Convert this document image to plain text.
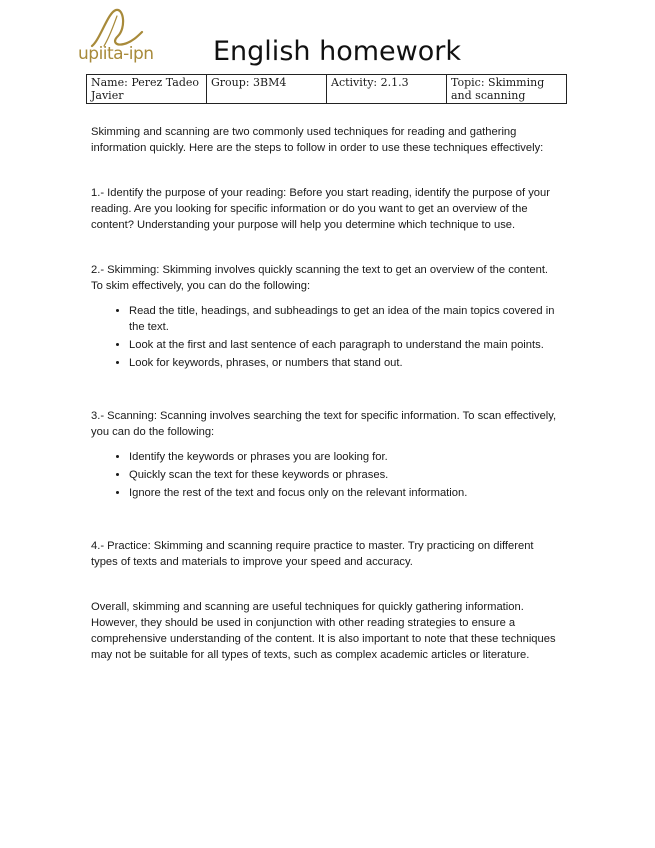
upiita-ipn English homework
Name: Perez Tadeo Javier	Group: 3BM4	Activity: 2.1.3	Topic: Skimming and scanning

Skimming and scanning are two commonly used techniques for reading and gathering information quickly. Here are the steps to follow in order to use these techniques effectively:

1.- Identify the purpose of your reading: Before you start reading, identify the purpose of your reading. Are you looking for specific information or do you want to get an overview of the content? Understanding your purpose will help you determine which technique to use.

2.- Skimming: Skimming involves quickly scanning the text to get an overview of the content. To skim effectively, you can do the following:

• Read the title, headings, and subheadings to get an idea of the main topics covered in the text.
• Look at the first and last sentence of each paragraph to understand the main points.
• Look for keywords, phrases, or numbers that stand out.

3.- Scanning: Scanning involves searching the text for specific information. To scan effectively, you can do the following:

• Identify the keywords or phrases you are looking for.
• Quickly scan the text for these keywords or phrases.
• Ignore the rest of the text and focus only on the relevant information.

4.- Practice: Skimming and scanning require practice to master. Try practicing on different types of texts and materials to improve your speed and accuracy.

Overall, skimming and scanning are useful techniques for quickly gathering information. However, they should be used in conjunction with other reading strategies to ensure a comprehensive understanding of the content. It is also important to note that these techniques may not be suitable for all types of texts, such as complex academic articles or literature.
